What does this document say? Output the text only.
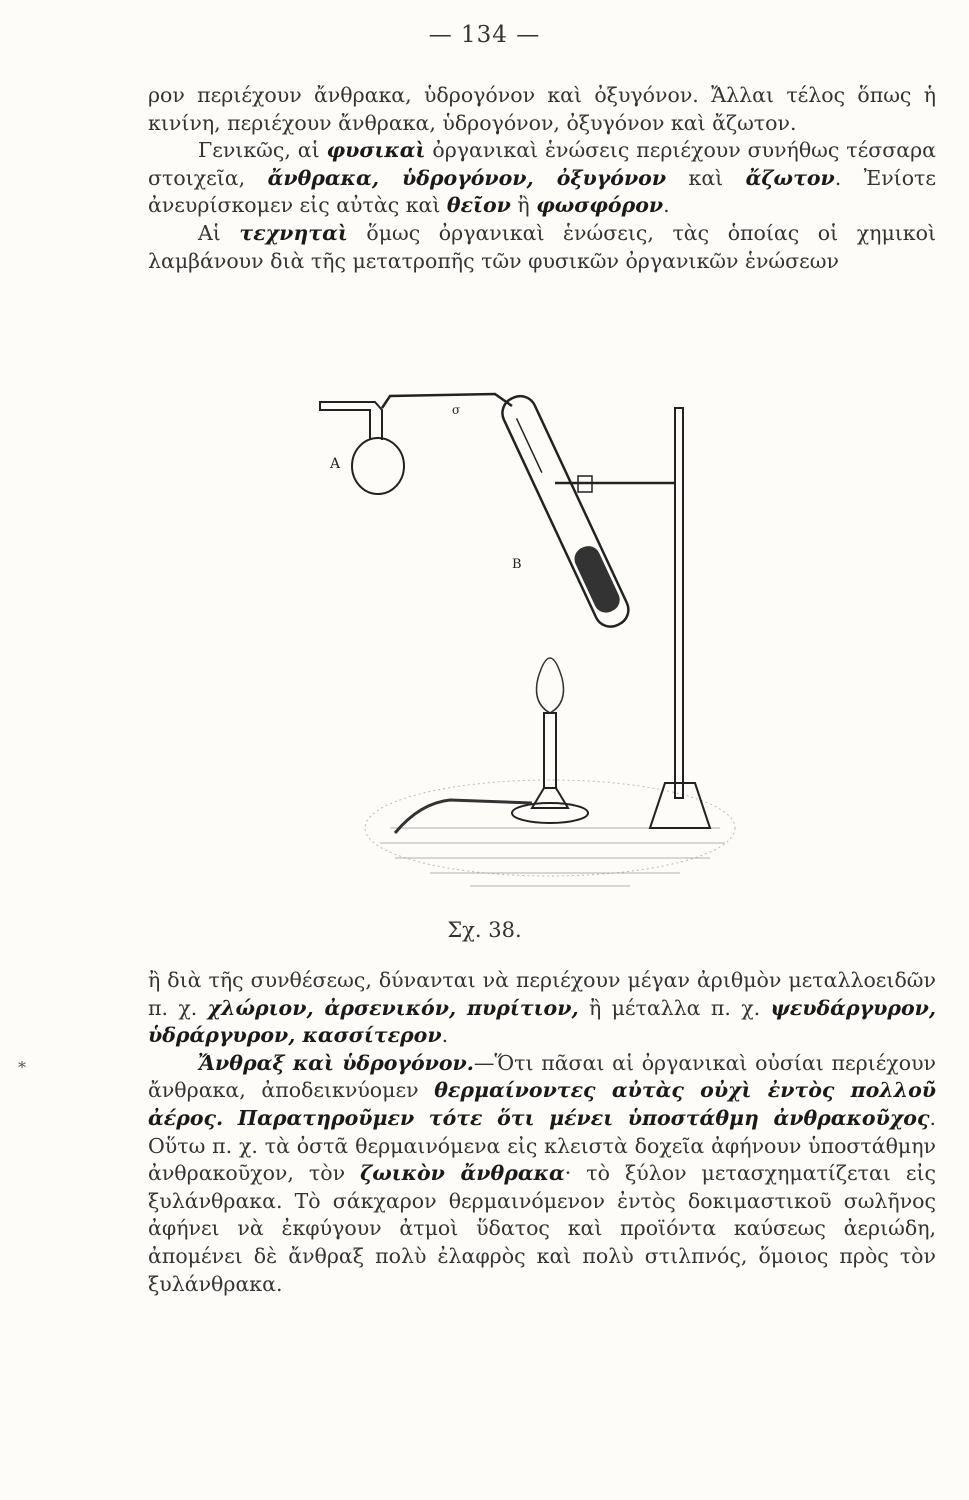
— 134 —

ρον περιέχουν ἄνθρακα, ὑδρογόνον καὶ ὀξυγόνον. Ἄλλαι τέλος ὅπως ἡ κινίνη, περιέχουν ἄνθρακα, ὑδρογόνον, ὀξυγόνον καὶ ἄζωτον.

Γενικῶς, αἱ φυσικαὶ ὀργανικαὶ ἑνώσεις περιέχουν συνήθως τέσσαρα στοιχεῖα, ἄνθρακα, ὑδρογόνον, ὀξυγόνον καὶ ἄζωτον. Ἐνίοτε ἀνευρίσκομεν εἰς αὐτὰς καὶ θεῖον ἢ φωσφόρον.

Αἱ τεχνηταὶ ὅμως ὀργανικαὶ ἑνώσεις, τὰς ὁποίας οἱ χημικοὶ λαμβάνουν διὰ τῆς μετατροπῆς τῶν φυσικῶν ὀργανικῶν ἑνώσεων

A
σ
B
Σχ. 38.
*

ἢ διὰ τῆς συνθέσεως, δύνανται νὰ περιέχουν μέγαν ἀριθμὸν μεταλλοειδῶν π. χ. χλώριον, ἀρσενικόν, πυρίτιον, ἢ μέταλλα π. χ. ψευδάργυρον, ὑδράργυρον, κασσίτερον.

Ἄνθραξ καὶ ὑδρογόνον.—Ὅτι πᾶσαι αἱ ὀργανικαὶ οὐσίαι περιέχουν ἄνθρακα, ἀποδεικνύομεν θερμαίνοντες αὐτὰς οὐχὶ ἐντὸς πολλοῦ ἀέρος. Παρατηροῦμεν τότε ὅτι μένει ὑποστάθμη ἀνθρακοῦχος. Οὕτω π. χ. τὰ ὀστᾶ θερμαινόμενα εἰς κλειστὰ δοχεῖα ἀφήνουν ὑποστάθμην ἀνθρακοῦχον, τὸν ζωικὸν ἄνθρακα· τὸ ξύλον μετασχηματίζεται εἰς ξυλάνθρακα. Τὸ σάκχαρον θερμαινόμενον ἐντὸς δοκιμαστικοῦ σωλῆνος ἀφήνει νὰ ἐκφύγουν ἀτμοὶ ὕδατος καὶ προϊόντα καύσεως ἀεριώδη, ἀπομένει δὲ ἄνθραξ πολὺ ἐλαφρὸς καὶ πολὺ στιλπνός, ὅμοιος πρὸς τὸν ξυλάνθρακα.
